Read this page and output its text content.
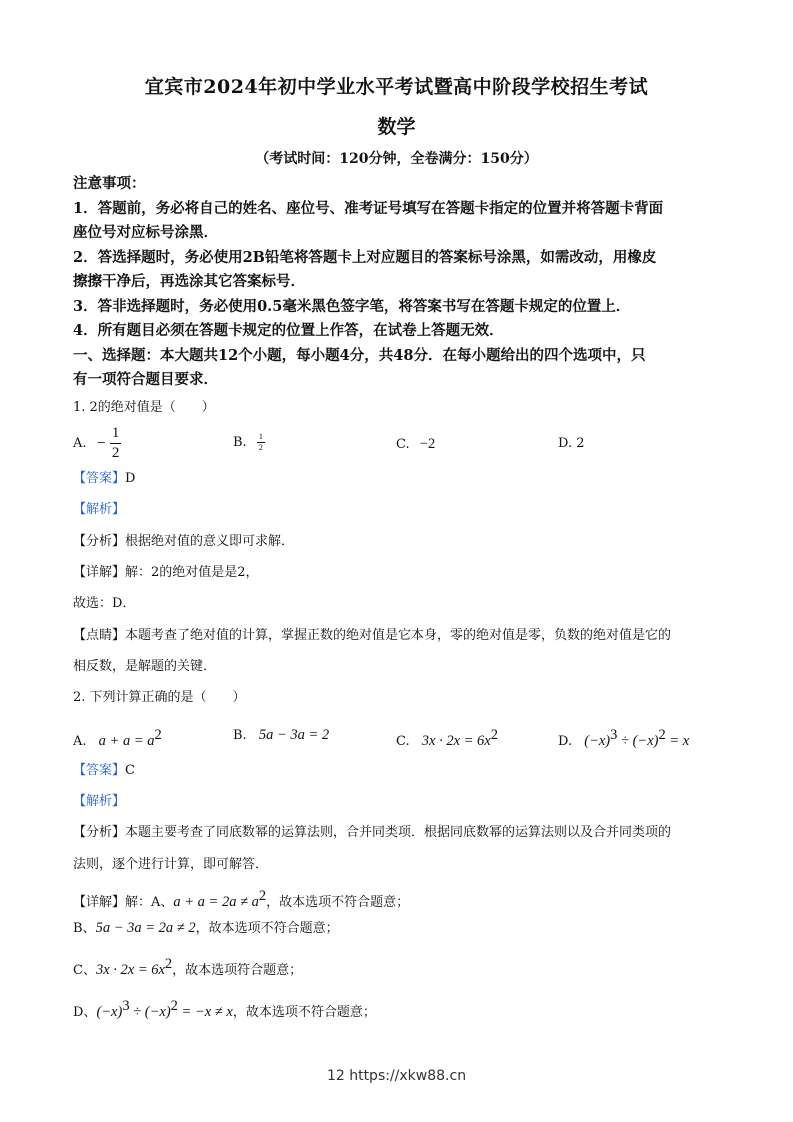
宜宾市2024年初中学业水平考试暨高中阶段学校招生考试
数学
（考试时间：120分钟，全卷满分：150分）
注意事项：
1．答题前，务必将自己的姓名、座位号、准考证号填写在答题卡指定的位置并将答题卡背面
座位号对应标号涂黑．
2．答选择题时，务必使用2B铅笔将答题卡上对应题目的答案标号涂黑，如需改动，用橡皮
擦擦干净后，再选涂其它答案标号．
3．答非选择题时，务必使用0.5毫米黑色签字笔，将答案书写在答题卡规定的位置上．
4．所有题目必须在答题卡规定的位置上作答，在试卷上答题无效．
一、选择题：本大题共12个小题，每小题4分，共48分．在每小题给出的四个选项中，只
有一项符合题目要求．
1. 2的绝对值是（　　）
A. − $\frac{1}{2}$	B. $\frac{1}{2}$	C. −2	D. 2
【答案】D
【解析】
【分析】根据绝对值的意义即可求解．
【详解】解：2的绝对值是是2，
故选：D．
【点睛】本题考查了绝对值的计算，掌握正数的绝对值是它本身，零的绝对值是零，负数的绝对值是它的
相反数，是解题的关键．
2. 下列计算正确的是（　　）
A. $a + a = a^2$	B. 5a − 3a = 2	C. $3x \cdot 2x = 6x^2$	D. $(-x)^3 \div (-x)^2 = x$
【答案】C
【解析】
【分析】本题主要考查了同底数幂的运算法则，合并同类项．根据同底数幂的运算法则以及合并同类项的
法则，逐个进行计算，即可解答．
【详解】解：A、$a + a = 2a \ne a^2$，故本选项不符合题意；
B、5a − 3a = 2a ≠ 2，故本选项不符合题意；
C、$3x \cdot 2x = 6x^2$，故本选项符合题意；
D、$(-x)^3 \div (-x)^2 = -x \ne x$，故本选项不符合题意；
12 https://xkw88.cn
